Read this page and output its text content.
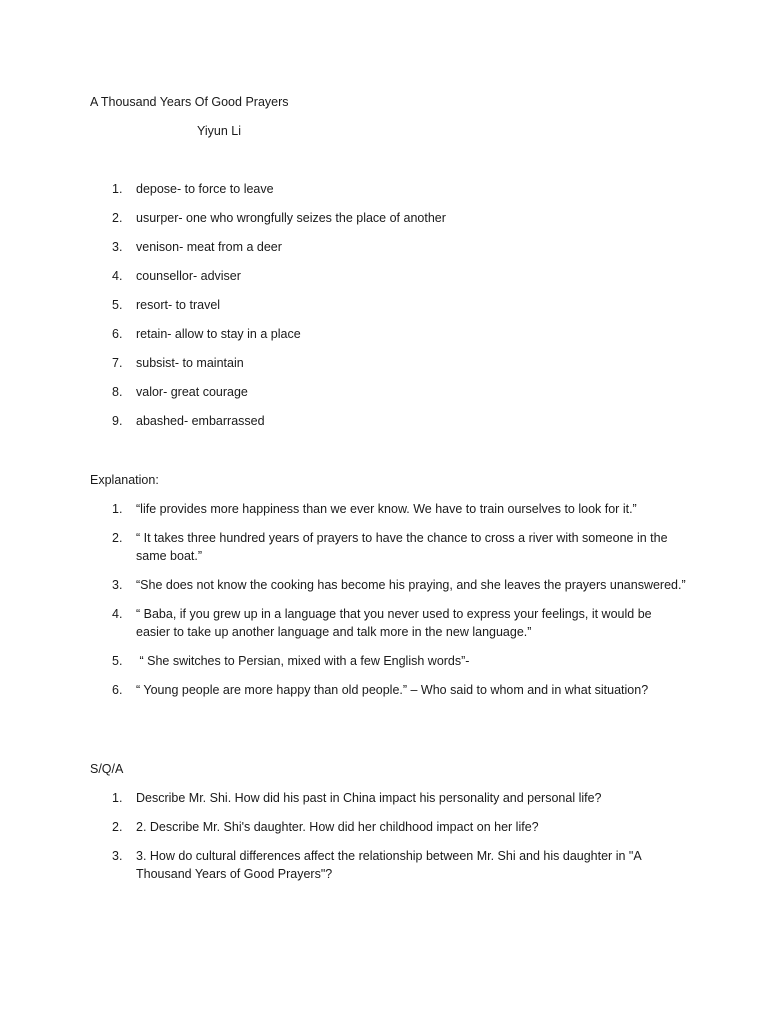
A Thousand Years Of Good Prayers
Yiyun Li
1. depose- to force to leave
2. usurper- one who wrongfully seizes the place of another
3. venison- meat from a deer
4. counsellor- adviser
5. resort- to travel
6. retain- allow to stay in a place
7. subsist- to maintain
8. valor- great courage
9. abashed- embarrassed
Explanation:
1. “life provides more happiness than we ever know. We have to train ourselves to look for it.”
2. “ It takes three hundred years of prayers to have the chance to cross a river with someone in the same boat.”
3. “She does not know the cooking has become his praying, and she leaves the prayers unanswered.”
4. “ Baba, if you grew up in a language that you never used to express your feelings, it would be easier to take up another language and talk more in the new language.”
5. “ She switches to Persian, mixed with a few English words”-
6. “ Young people are more happy than old people.” – Who said to whom and in what situation?
S/Q/A
1. Describe Mr. Shi. How did his past in China impact his personality and personal life?
2. 2. Describe Mr. Shi's daughter. How did her childhood impact on her life?
3. 3. How do cultural differences affect the relationship between Mr. Shi and his daughter in "A Thousand Years of Good Prayers"?
